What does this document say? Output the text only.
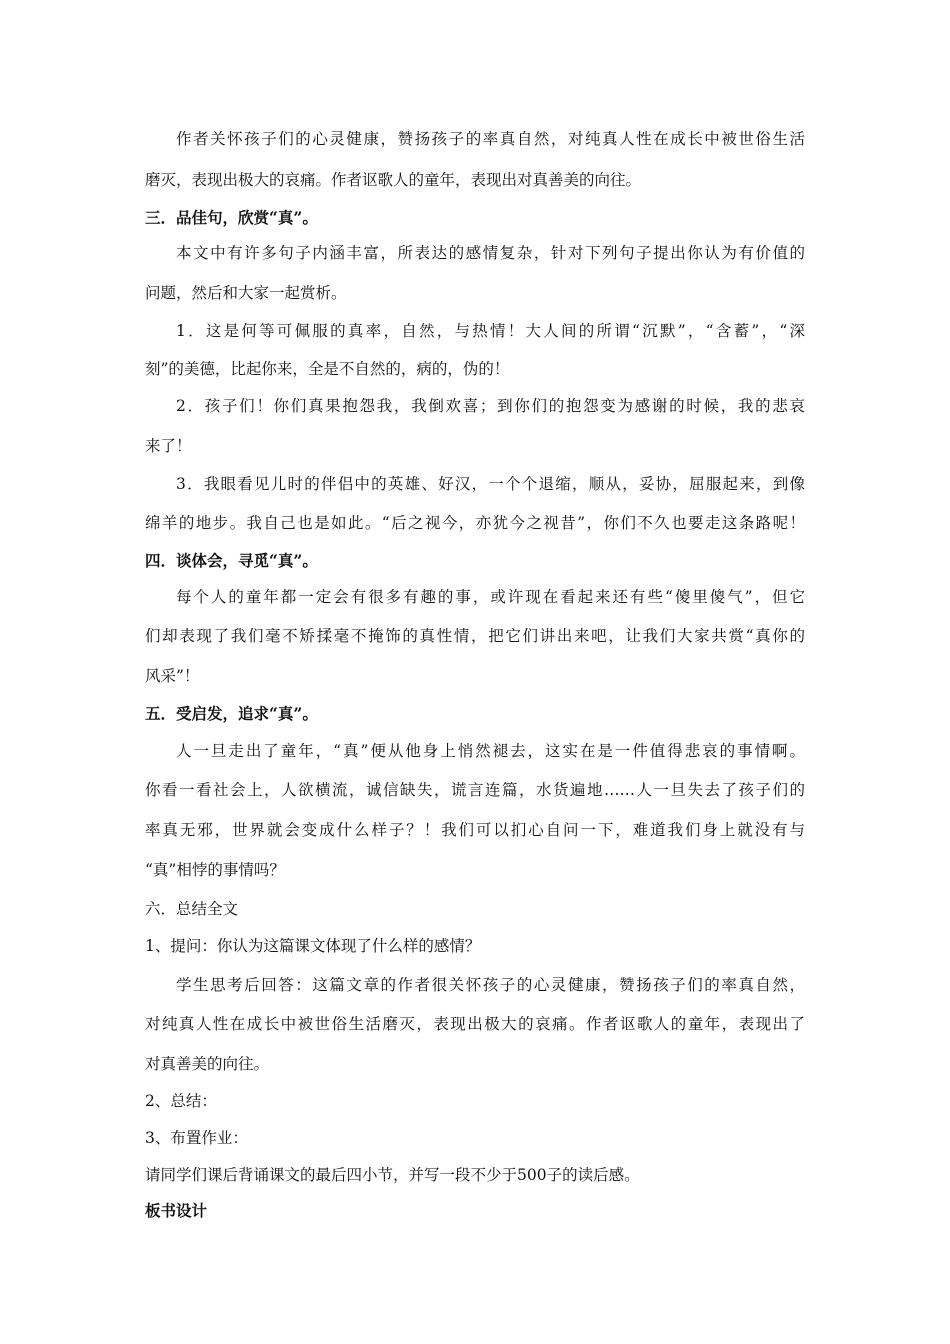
作者关怀孩子们的心灵健康，赞扬孩子的率真自然，对纯真人性在成长中被世俗生活
磨灭，表现出极大的哀痛。作者讴歌人的童年，表现出对真善美的向往。
三．品佳句，欣赏“真”。
本文中有许多句子内涵丰富，所表达的感情复杂，针对下列句子提出你认为有价值的
问题，然后和大家一起赏析。
1．这是何等可佩服的真率，自然，与热情！大人间的所谓“沉默”，“含蓄”，“深
刻”的美德，比起你来，全是不自然的，病的，伪的！
2．孩子们！你们真果抱怨我，我倒欢喜；到你们的抱怨变为感谢的时候，我的悲哀
来了！
3．我眼看见儿时的伴侣中的英雄、好汉，一个个退缩，顺从，妥协，屈服起来，到像
绵羊的地步。我自己也是如此。“后之视今，亦犹今之视昔”，你们不久也要走这条路呢！
四．谈体会，寻觅“真”。
每个人的童年都一定会有很多有趣的事，或许现在看起来还有些“傻里傻气”，但它
们却表现了我们毫不矫揉毫不掩饰的真性情，把它们讲出来吧，让我们大家共赏“真你的
风采”！
五．受启发，追求“真”。
人一旦走出了童年，“真”便从他身上悄然褪去，这实在是一件值得悲哀的事情啊。
你看一看社会上，人欲横流，诚信缺失，谎言连篇，水货遍地……人一旦失去了孩子们的
率真无邪，世界就会变成什么样子？！我们可以扪心自问一下，难道我们身上就没有与
“真”相悖的事情吗？
六．总结全文
1、提问：你认为这篇课文体现了什么样的感情？
学生思考后回答：这篇文章的作者很关怀孩子的心灵健康，赞扬孩子们的率真自然，
对纯真人性在成长中被世俗生活磨灭，表现出极大的哀痛。作者讴歌人的童年，表现出了
对真善美的向往。
2、总结：
3、布置作业：
请同学们课后背诵课文的最后四小节，并写一段不少于500子的读后感。
板书设计
